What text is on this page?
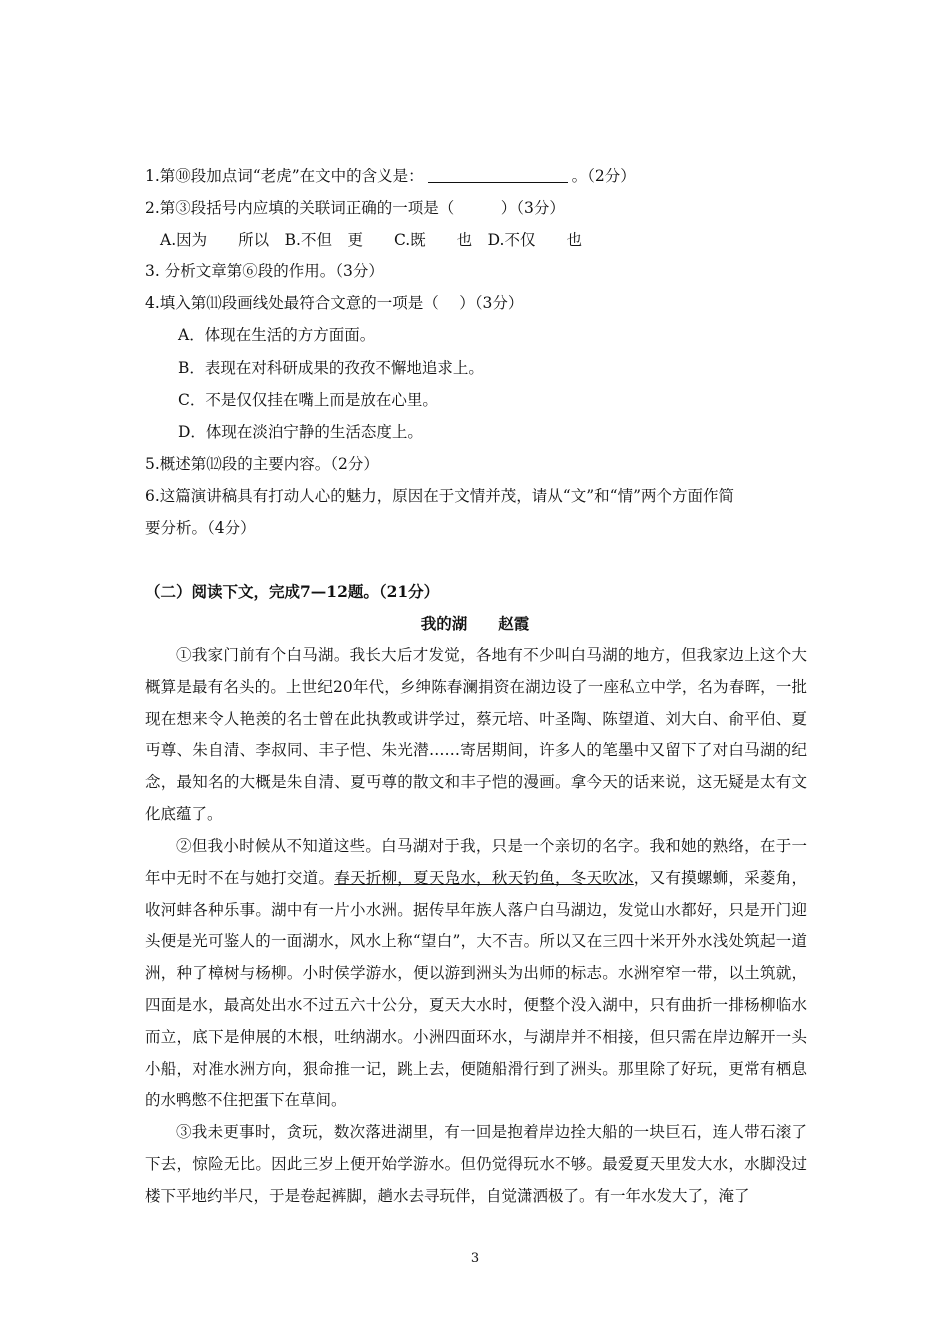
1.第⑩段加点词“老虎”在文中的含义是：	。（2分）
2.第③段括号内应填的关联词正确的一项是（　　　）（3分）
A.因为　　所以　B.不但　更　　C.既　　也　D.不仅　　也
3. 分析文章第⑥段的作用。（3分）
4.填入第⑾段画线处最符合文意的一项是（　 ）（3分）
A．体现在生活的方方面面。
B．表现在对科研成果的孜孜不懈地追求上。
C．不是仅仅挂在嘴上而是放在心里。
D．体现在淡泊宁静的生活态度上。
5.概述第⑿段的主要内容。（2分）
6.这篇演讲稿具有打动人心的魅力，原因在于文情并茂，请从“文”和“情”两个方面作简
要分析。（4分）
（二）阅读下文，完成7—12题。（21分）
我的湖　　赵霞
①我家门前有个白马湖。我长大后才发觉，各地有不少叫白马湖的地方，但我家边上这个大概算是最有名头的。上世纪20年代，乡绅陈春澜捐资在湖边设了一座私立中学，名为春晖，一批现在想来令人艳羡的名士曾在此执教或讲学过，蔡元培、叶圣陶、陈望道、刘大白、俞平伯、夏丏尊、朱自清、李叔同、丰子恺、朱光潜……寄居期间，许多人的笔墨中又留下了对白马湖的纪念，最知名的大概是朱自清、夏丏尊的散文和丰子恺的漫画。拿今天的话来说，这无疑是太有文化底蕴了。
②但我小时候从不知道这些。白马湖对于我，只是一个亲切的名字。我和她的熟络，在于一年中无时不在与她打交道。春天折柳，夏天凫水，秋天钓鱼，冬天吹冰，又有摸螺蛳，采菱角，收河蚌各种乐事。湖中有一片小水洲。据传早年族人落户白马湖边，发觉山水都好，只是开门迎头便是光可鉴人的一面湖水，风水上称“望白”，大不吉。所以又在三四十米开外水浅处筑起一道洲，种了樟树与杨柳。小时侯学游水，便以游到洲头为出师的标志。水洲窄窄一带，以土筑就，四面是水，最高处出水不过五六十公分，夏天大水时，便整个没入湖中，只有曲折一排杨柳临水而立，底下是伸展的木根，吐纳湖水。小洲四面环水，与湖岸并不相接，但只需在岸边解开一头小船，对准水洲方向，狠命推一记，跳上去，便随船滑行到了洲头。那里除了好玩，更常有栖息的水鸭憋不住把蛋下在草间。
③我未更事时，贪玩，数次落进湖里，有一回是抱着岸边拴大船的一块巨石，连人带石滚了下去，惊险无比。因此三岁上便开始学游水。但仍觉得玩水不够。最爱夏天里发大水，水脚没过楼下平地约半尺，于是卷起裤脚，趟水去寻玩伴，自觉潇洒极了。有一年水发大了，淹了
3
